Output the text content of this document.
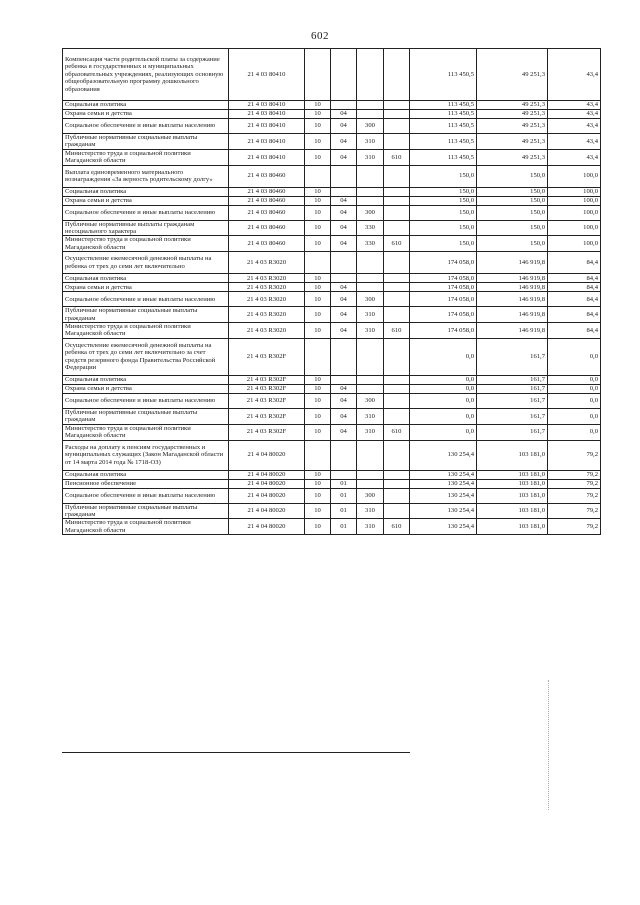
602
Компенсация части родительской платы за содержание ребенка в государственных и муниципальных образовательных учреждениях, реализующих основную общеобразовательную программу дошкольного образования	21 4 03 80410					113 450,5	49 251,3	43,4
Социальная политика	21 4 03 80410	10				113 450,5	49 251,3	43,4
Охрана семьи и детства	21 4 03 80410	10	04			113 450,5	49 251,3	43,4
Социальное обеспечение и иные выплаты населению	21 4 03 80410	10	04	300		113 450,5	49 251,3	43,4
Публичные нормативные социальные выплаты гражданам	21 4 03 80410	10	04	310		113 450,5	49 251,3	43,4
Министерство труда и социальной политики Магаданской области	21 4 03 80410	10	04	310	610	113 450,5	49 251,3	43,4
Выплата единовременного материального вознаграждения «За верность родительскому долгу»	21 4 03 80460					150,0	150,0	100,0
Социальная политика	21 4 03 80460	10				150,0	150,0	100,0
Охрана семьи и детства	21 4 03 80460	10	04			150,0	150,0	100,0
Социальное обеспечение и иные выплаты населению	21 4 03 80460	10	04	300		150,0	150,0	100,0
Публичные нормативные выплаты гражданам несоциального характера	21 4 03 80460	10	04	330		150,0	150,0	100,0
Министерство труда и социальной политики Магаданской области	21 4 03 80460	10	04	330	610	150,0	150,0	100,0
Осуществление ежемесячной денежной выплаты на ребенка от трех до семи лет включительно	21 4 03 R3020					174 058,0	146 919,8	84,4
Социальная политика	21 4 03 R3020	10				174 058,0	146 919,8	84,4
Охрана семьи и детства	21 4 03 R3020	10	04			174 058,0	146 919,8	84,4
Социальное обеспечение и иные выплаты населению	21 4 03 R3020	10	04	300		174 058,0	146 919,8	84,4
Публичные нормативные социальные выплаты гражданам	21 4 03 R3020	10	04	310		174 058,0	146 919,8	84,4
Министерство труда и социальной политики Магаданской области	21 4 03 R3020	10	04	310	610	174 058,0	146 919,8	84,4
Осуществление ежемесячной денежной выплаты на ребенка от трех до семи лет включительно за счет средств резервного фонда Правительства Российской Федерации	21 4 03 R302F					0,0	161,7	0,0
Социальная политика	21 4 03 R302F	10				0,0	161,7	0,0
Охрана семьи и детства	21 4 03 R302F	10	04			0,0	161,7	0,0
Социальное обеспечение и иные выплаты населению	21 4 03 R302F	10	04	300		0,0	161,7	0,0
Публичные нормативные социальные выплаты гражданам	21 4 03 R302F	10	04	310		0,0	161,7	0,0
Министерство труда и социальной политики Магаданской области	21 4 03 R302F	10	04	310	610	0,0	161,7	0,0
Расходы на доплату к пенсиям государственных и муниципальных служащих (Закон Магаданской области от 14 марта 2014 года № 1718-ОЗ)	21 4 04 80020					130 254,4	103 181,0	79,2
Социальная политика	21 4 04 80020	10				130 254,4	103 181,0	79,2
Пенсионное обеспечение	21 4 04 80020	10	01			130 254,4	103 181,0	79,2
Социальное обеспечение и иные выплаты населению	21 4 04 80020	10	01	300		130 254,4	103 181,0	79,2
Публичные нормативные социальные выплаты гражданам	21 4 04 80020	10	01	310		130 254,4	103 181,0	79,2
Министерство труда и социальной политики Магаданской области	21 4 04 80020	10	01	310	610	130 254,4	103 181,0	79,2
